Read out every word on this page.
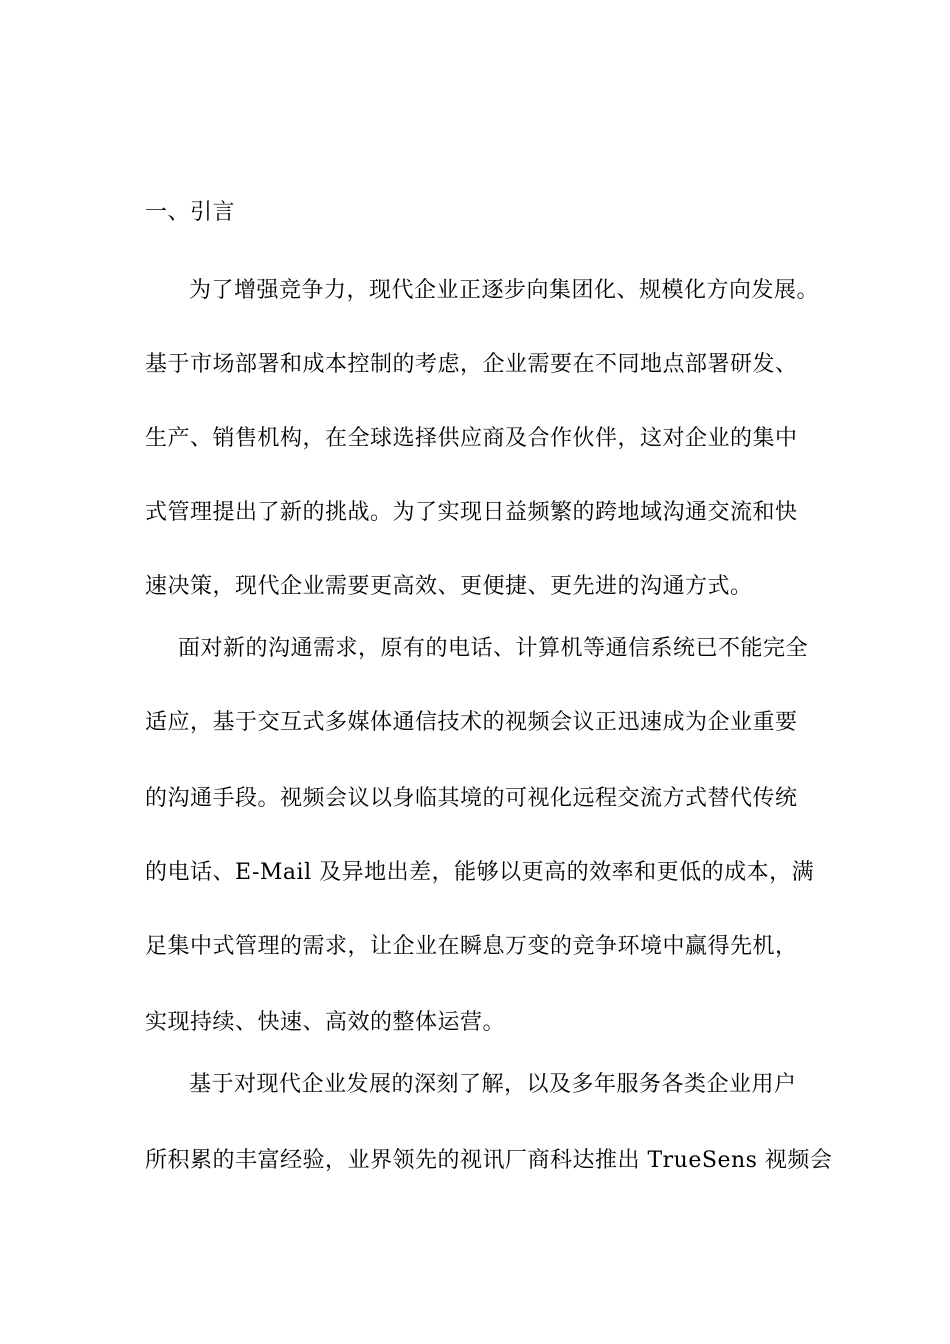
一、引言
为了增强竞争力，现代企业正逐步向集团化、规模化方向发展。
基于市场部署和成本控制的考虑，企业需要在不同地点部署研发、
生产、销售机构，在全球选择供应商及合作伙伴，这对企业的集中
式管理提出了新的挑战。为了实现日益频繁的跨地域沟通交流和快
速决策，现代企业需要更高效、更便捷、更先进的沟通方式。
面对新的沟通需求，原有的电话、计算机等通信系统已不能完全
适应，基于交互式多媒体通信技术的视频会议正迅速成为企业重要
的沟通手段。视频会议以身临其境的可视化远程交流方式替代传统
的电话、E-Mail 及异地出差，能够以更高的效率和更低的成本，满
足集中式管理的需求，让企业在瞬息万变的竞争环境中赢得先机，
实现持续、快速、高效的整体运营。
基于对现代企业发展的深刻了解，以及多年服务各类企业用户
所积累的丰富经验，业界领先的视讯厂商科达推出 TrueSens 视频会
